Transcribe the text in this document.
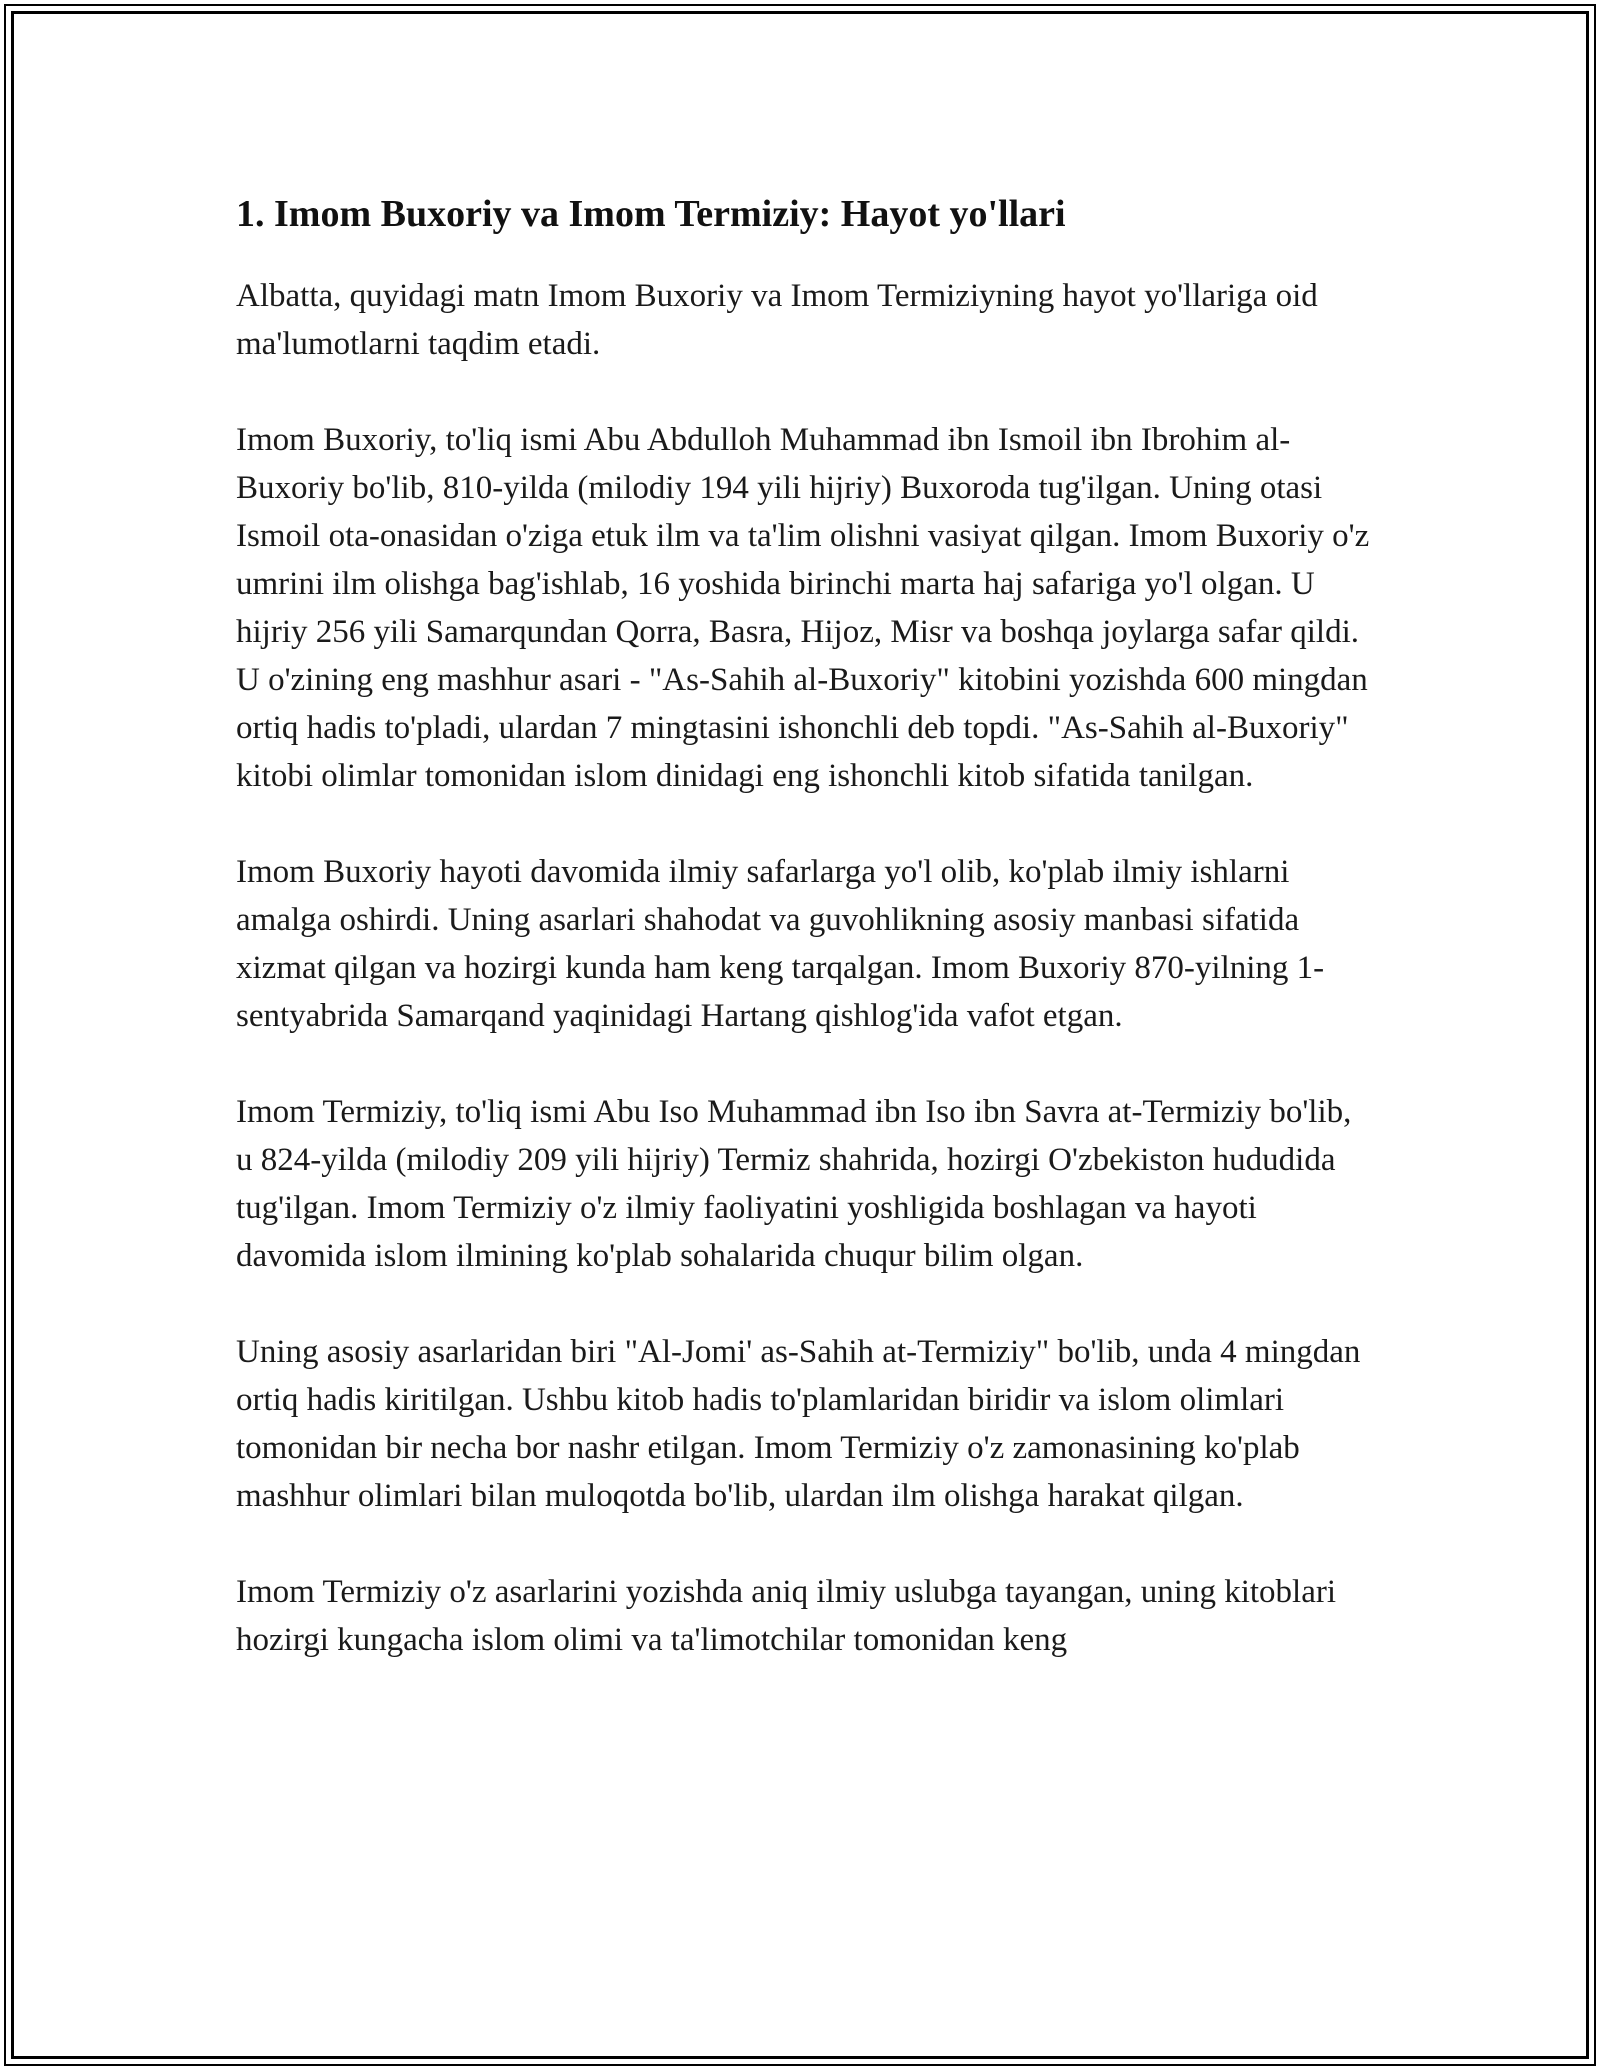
1. Imom Buxoriy va Imom Termiziy: Hayot yo'llari

Albatta, quyidagi matn Imom Buxoriy va Imom Termiziyning hayot yo'llariga oid ma'lumotlarni taqdim etadi.

Imom Buxoriy, to'liq ismi Abu Abdulloh Muhammad ibn Ismoil ibn Ibrohim al-Buxoriy bo'lib, 810-yilda (milodiy 194 yili hijriy) Buxoroda tug'ilgan. Uning otasi Ismoil ota-onasidan o'ziga etuk ilm va ta'lim olishni vasiyat qilgan. Imom Buxoriy o'z umrini ilm olishga bag'ishlab, 16 yoshida birinchi marta haj safariga yo'l olgan. U hijriy 256 yili Samarqundan Qorra, Basra, Hijoz, Misr va boshqa joylarga safar qildi. U o'zining eng mashhur asari - "As-Sahih al-Buxoriy" kitobini yozishda 600 mingdan ortiq hadis to'pladi, ulardan 7 mingtasini ishonchli deb topdi. "As-Sahih al-Buxoriy" kitobi olimlar tomonidan islom dinidagi eng ishonchli kitob sifatida tanilgan.

Imom Buxoriy hayoti davomida ilmiy safarlarga yo'l olib, ko'plab ilmiy ishlarni amalga oshirdi. Uning asarlari shahodat va guvohlikning asosiy manbasi sifatida xizmat qilgan va hozirgi kunda ham keng tarqalgan. Imom Buxoriy 870-yilning 1-sentyabrida Samarqand yaqinidagi Hartang qishlog'ida vafot etgan.

Imom Termiziy, to'liq ismi Abu Iso Muhammad ibn Iso ibn Savra at-Termiziy bo'lib, u 824-yilda (milodiy 209 yili hijriy) Termiz shahrida, hozirgi O'zbekiston hududida tug'ilgan. Imom Termiziy o'z ilmiy faoliyatini yoshligida boshlagan va hayoti davomida islom ilmining ko'plab sohalarida chuqur bilim olgan.

Uning asosiy asarlaridan biri "Al-Jomi' as-Sahih at-Termiziy" bo'lib, unda 4 mingdan ortiq hadis kiritilgan. Ushbu kitob hadis to'plamlaridan biridir va islom olimlari tomonidan bir necha bor nashr etilgan. Imom Termiziy o'z zamonasining ko'plab mashhur olimlari bilan muloqotda bo'lib, ulardan ilm olishga harakat qilgan.

Imom Termiziy o'z asarlarini yozishda aniq ilmiy uslubga tayangan, uning kitoblari hozirgi kungacha islom olimi va ta'limotchilar tomonidan keng
